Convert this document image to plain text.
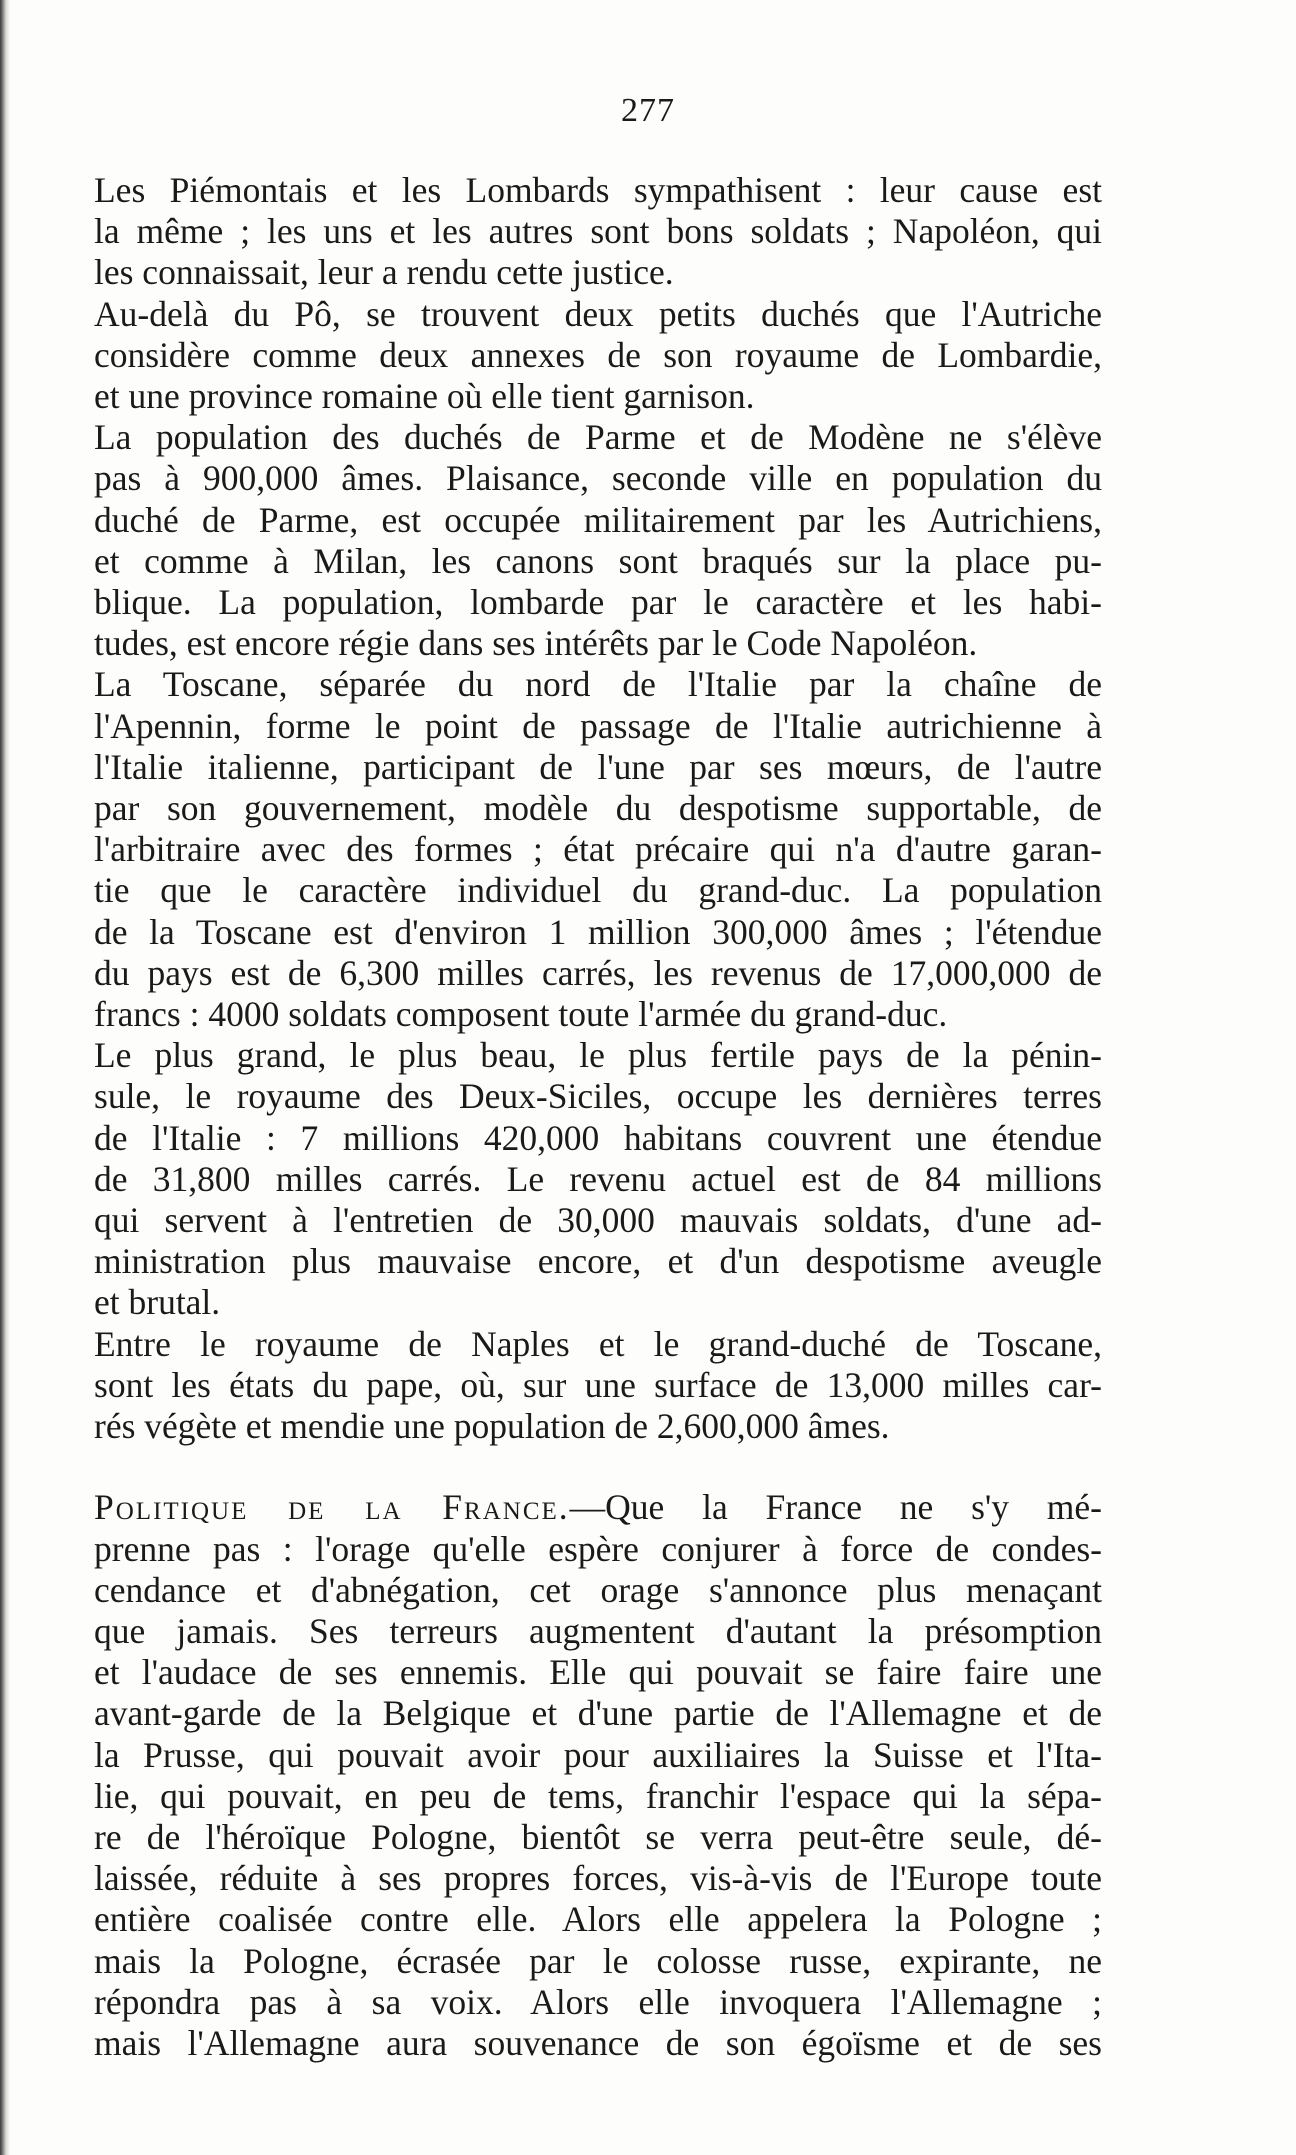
277

Les Piémontais et les Lombards sympathisent : leur cause est
la même ; les uns et les autres sont bons soldats ; Napoléon, qui
les connaissait, leur a rendu cette justice.

Au-delà du Pô, se trouvent deux petits duchés que l'Autriche
considère comme deux annexes de son royaume de Lombardie,
et une province romaine où elle tient garnison.

La population des duchés de Parme et de Modène ne s'élève
pas à 900,000 âmes. Plaisance, seconde ville en population du
duché de Parme, est occupée militairement par les Autrichiens,
et comme à Milan, les canons sont braqués sur la place pu-
blique. La population, lombarde par le caractère et les habi-
tudes, est encore régie dans ses intérêts par le Code Napoléon.

La Toscane, séparée du nord de l'Italie par la chaîne de
l'Apennin, forme le point de passage de l'Italie autrichienne à
l'Italie italienne, participant de l'une par ses mœurs, de l'autre
par son gouvernement, modèle du despotisme supportable, de
l'arbitraire avec des formes ; état précaire qui n'a d'autre garan-
tie que le caractère individuel du grand-duc. La population
de la Toscane est d'environ 1 million 300,000 âmes ; l'étendue
du pays est de 6,300 milles carrés, les revenus de 17,000,000 de
francs : 4000 soldats composent toute l'armée du grand-duc.

Le plus grand, le plus beau, le plus fertile pays de la pénin-
sule, le royaume des Deux-Siciles, occupe les dernières terres
de l'Italie : 7 millions 420,000 habitans couvrent une étendue
de 31,800 milles carrés. Le revenu actuel est de 84 millions
qui servent à l'entretien de 30,000 mauvais soldats, d'une ad-
ministration plus mauvaise encore, et d'un despotisme aveugle
et brutal.

Entre le royaume de Naples et le grand-duché de Toscane,
sont les états du pape, où, sur une surface de 13,000 milles car-
rés végète et mendie une population de 2,600,000 âmes.

Politique de la France.—Que la France ne s'y mé-
prenne pas : l'orage qu'elle espère conjurer à force de condes-
cendance et d'abnégation, cet orage s'annonce plus menaçant
que jamais. Ses terreurs augmentent d'autant la présomption
et l'audace de ses ennemis. Elle qui pouvait se faire faire une
avant-garde de la Belgique et d'une partie de l'Allemagne et de
la Prusse, qui pouvait avoir pour auxiliaires la Suisse et l'Ita-
lie, qui pouvait, en peu de tems, franchir l'espace qui la sépa-
re de l'héroïque Pologne, bientôt se verra peut-être seule, dé-
laissée, réduite à ses propres forces, vis-à-vis de l'Europe toute
entière coalisée contre elle. Alors elle appelera la Pologne ;
mais la Pologne, écrasée par le colosse russe, expirante, ne
répondra pas à sa voix. Alors elle invoquera l'Allemagne ;
mais l'Allemagne aura souvenance de son égoïsme et de ses
